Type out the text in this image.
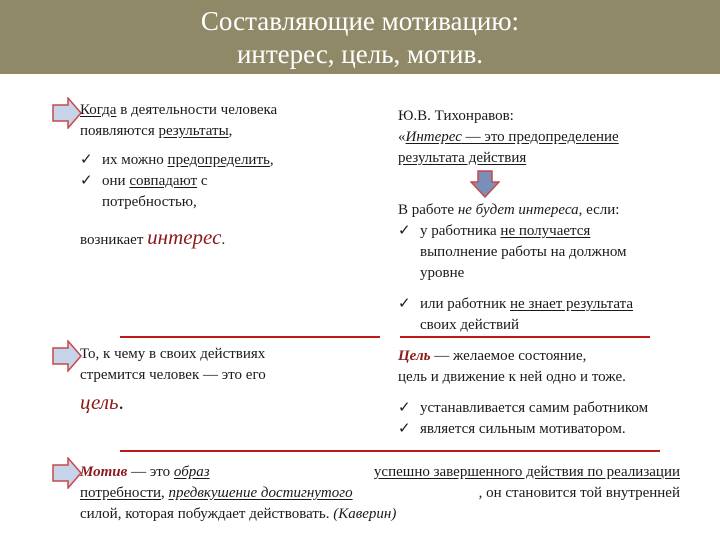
Составляющие мотивацию:
интерес, цель, мотив.
Когда в деятельности человека
появляются результаты,
✓ их можно предопределить,
✓ они совпадают с
потребностью,
возникает интерес.
Ю.В. Тихонравов:
«Интерес — это предопределение
результата действия
В работе не будет интереса, если:
✓ у работника не получается
выполнение работы на должном
уровне
✓ или работник не знает результата
своих действий
То, к чему в своих действиях
стремится человек — это его
цель.
Цель — желаемое состояние,
цель и движение к ней одно и тоже.
✓ устанавливается самим работником
✓ является сильным мотиватором.
Мотив — это образ	успешно завершенного действия по реализации
потребности, предвкушение достигнутого	, он становится той внутренней
силой, которая побуждает действовать. (Каверин)
